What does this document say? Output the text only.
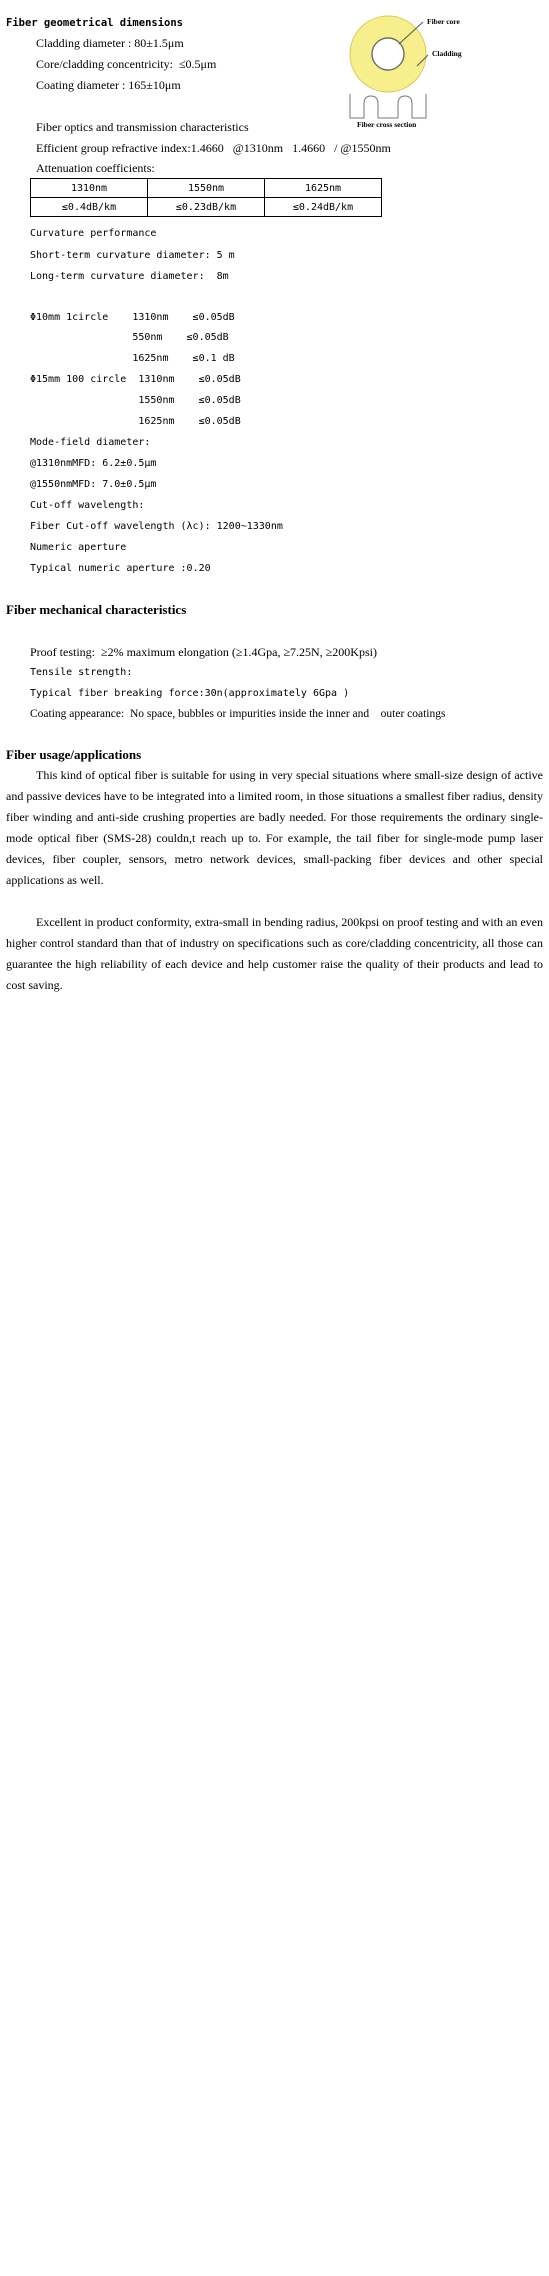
Fiber geometrical dimensions
Cladding diameter : 80±1.5μm
Core/cladding concentricity:  ≤0.5μm
Coating diameter : 165±10μm
Fiber core
Cladding
Fiber cross section
Fiber optics and transmission characteristics
Efficient group refractive index:1.4660   @1310nm   1.4660   / @1550nm
Attenuation coefficients:
1310nm	1550nm	1625nm
≤0.4dB/km	≤0.23dB/km	≤0.24dB/km
Curvature performance
Short-term curvature diameter: 5 m
Long-term curvature diameter:  8m
Φ10mm 1circle    1310nm    ≤0.05dB
550nm    ≤0.05dB
1625nm    ≤0.1 dB
Φ15mm 100 circle  1310nm    ≤0.05dB
1550nm    ≤0.05dB
1625nm    ≤0.05dB
Mode-field diameter:
@1310nmMFD: 6.2±0.5μm
@1550nmMFD: 7.0±0.5μm
Cut-off wavelength:
Fiber Cut-off wavelength (λc): 1200~1330nm
Numeric aperture
Typical numeric aperture :0.20
Fiber mechanical characteristics
Proof testing:  ≥2% maximum elongation (≥1.4Gpa, ≥7.25N, ≥200Kpsi)
Tensile strength:
Typical fiber breaking force:30n(approximately 6Gpa )
Coating appearance:  No space, bubbles or impurities inside the inner and    outer coatings
Fiber usage/applications
This kind of optical fiber is suitable for using in very special situations where small-size design of active and passive devices have to be integrated into a limited room, in those situations a smallest fiber radius, density fiber winding and anti-side crushing properties are badly needed. For those requirements the ordinary single-mode optical fiber (SMS-28) couldn,t reach up to. For example, the tail fiber for single-mode pump laser devices, fiber coupler, sensors, metro network devices, small-packing fiber devices and other special applications as well.
Excellent in product conformity, extra-small in bending radius, 200kpsi on proof testing and with an even higher control standard than that of industry on specifications such as core/cladding concentricity, all those can guarantee the high reliability of each device and help customer raise the quality of their products and lead to cost saving.
